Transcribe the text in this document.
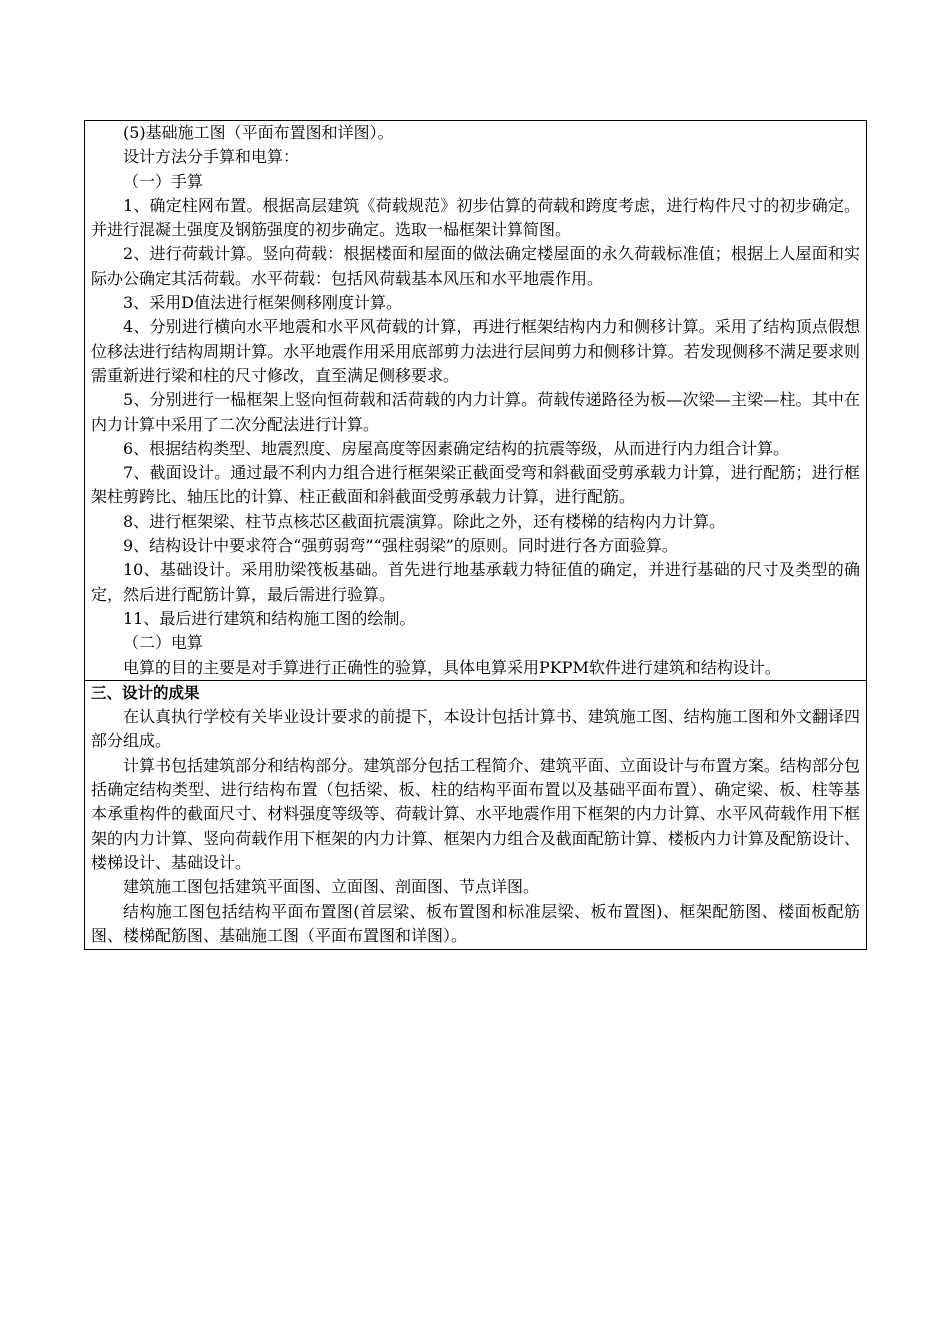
(5)基础施工图（平面布置图和详图）。

设计方法分手算和电算：

（一）手算

1、确定柱网布置。根据高层建筑《荷载规范》初步估算的荷载和跨度考虑，进行构件尺寸的初步确定。并进行混凝土强度及钢筋强度的初步确定。选取一榀框架计算简图。

2、进行荷载计算。竖向荷载：根据楼面和屋面的做法确定楼屋面的永久荷载标准值；根据上人屋面和实际办公确定其活荷载。水平荷载：包括风荷载基本风压和水平地震作用。

3、采用D值法进行框架侧移刚度计算。

4、分别进行横向水平地震和水平风荷载的计算，再进行框架结构内力和侧移计算。采用了结构顶点假想位移法进行结构周期计算。水平地震作用采用底部剪力法进行层间剪力和侧移计算。若发现侧移不满足要求则需重新进行梁和柱的尺寸修改，直至满足侧移要求。

5、分别进行一榀框架上竖向恒荷载和活荷载的内力计算。荷载传递路径为板—次梁—主梁—柱。其中在内力计算中采用了二次分配法进行计算。

6、根据结构类型、地震烈度、房屋高度等因素确定结构的抗震等级，从而进行内力组合计算。

7、截面设计。通过最不利内力组合进行框架梁正截面受弯和斜截面受剪承载力计算，进行配筋；进行框架柱剪跨比、轴压比的计算、柱正截面和斜截面受剪承载力计算，进行配筋。

8、进行框架梁、柱节点核芯区截面抗震演算。除此之外，还有楼梯的结构内力计算。

9、结构设计中要求符合“强剪弱弯”“强柱弱梁”的原则。同时进行各方面验算。

10、基础设计。采用肋梁筏板基础。首先进行地基承载力特征值的确定，并进行基础的尺寸及类型的确定，然后进行配筋计算，最后需进行验算。

11、最后进行建筑和结构施工图的绘制。

（二）电算

电算的目的主要是对手算进行正确性的验算，具体电算采用PKPM软件进行建筑和结构设计。

三、设计的成果

在认真执行学校有关毕业设计要求的前提下，本设计包括计算书、建筑施工图、结构施工图和外文翻译四部分组成。

计算书包括建筑部分和结构部分。建筑部分包括工程简介、建筑平面、立面设计与布置方案。结构部分包括确定结构类型、进行结构布置（包括梁、板、柱的结构平面布置以及基础平面布置）、确定梁、板、柱等基本承重构件的截面尺寸、材料强度等级等、荷载计算、水平地震作用下框架的内力计算、水平风荷载作用下框架的内力计算、竖向荷载作用下框架的内力计算、框架内力组合及截面配筋计算、楼板内力计算及配筋设计、楼梯设计、基础设计。

建筑施工图包括建筑平面图、立面图、剖面图、节点详图。

结构施工图包括结构平面布置图(首层梁、板布置图和标准层梁、板布置图)、框架配筋图、楼面板配筋图、楼梯配筋图、基础施工图（平面布置图和详图）。
